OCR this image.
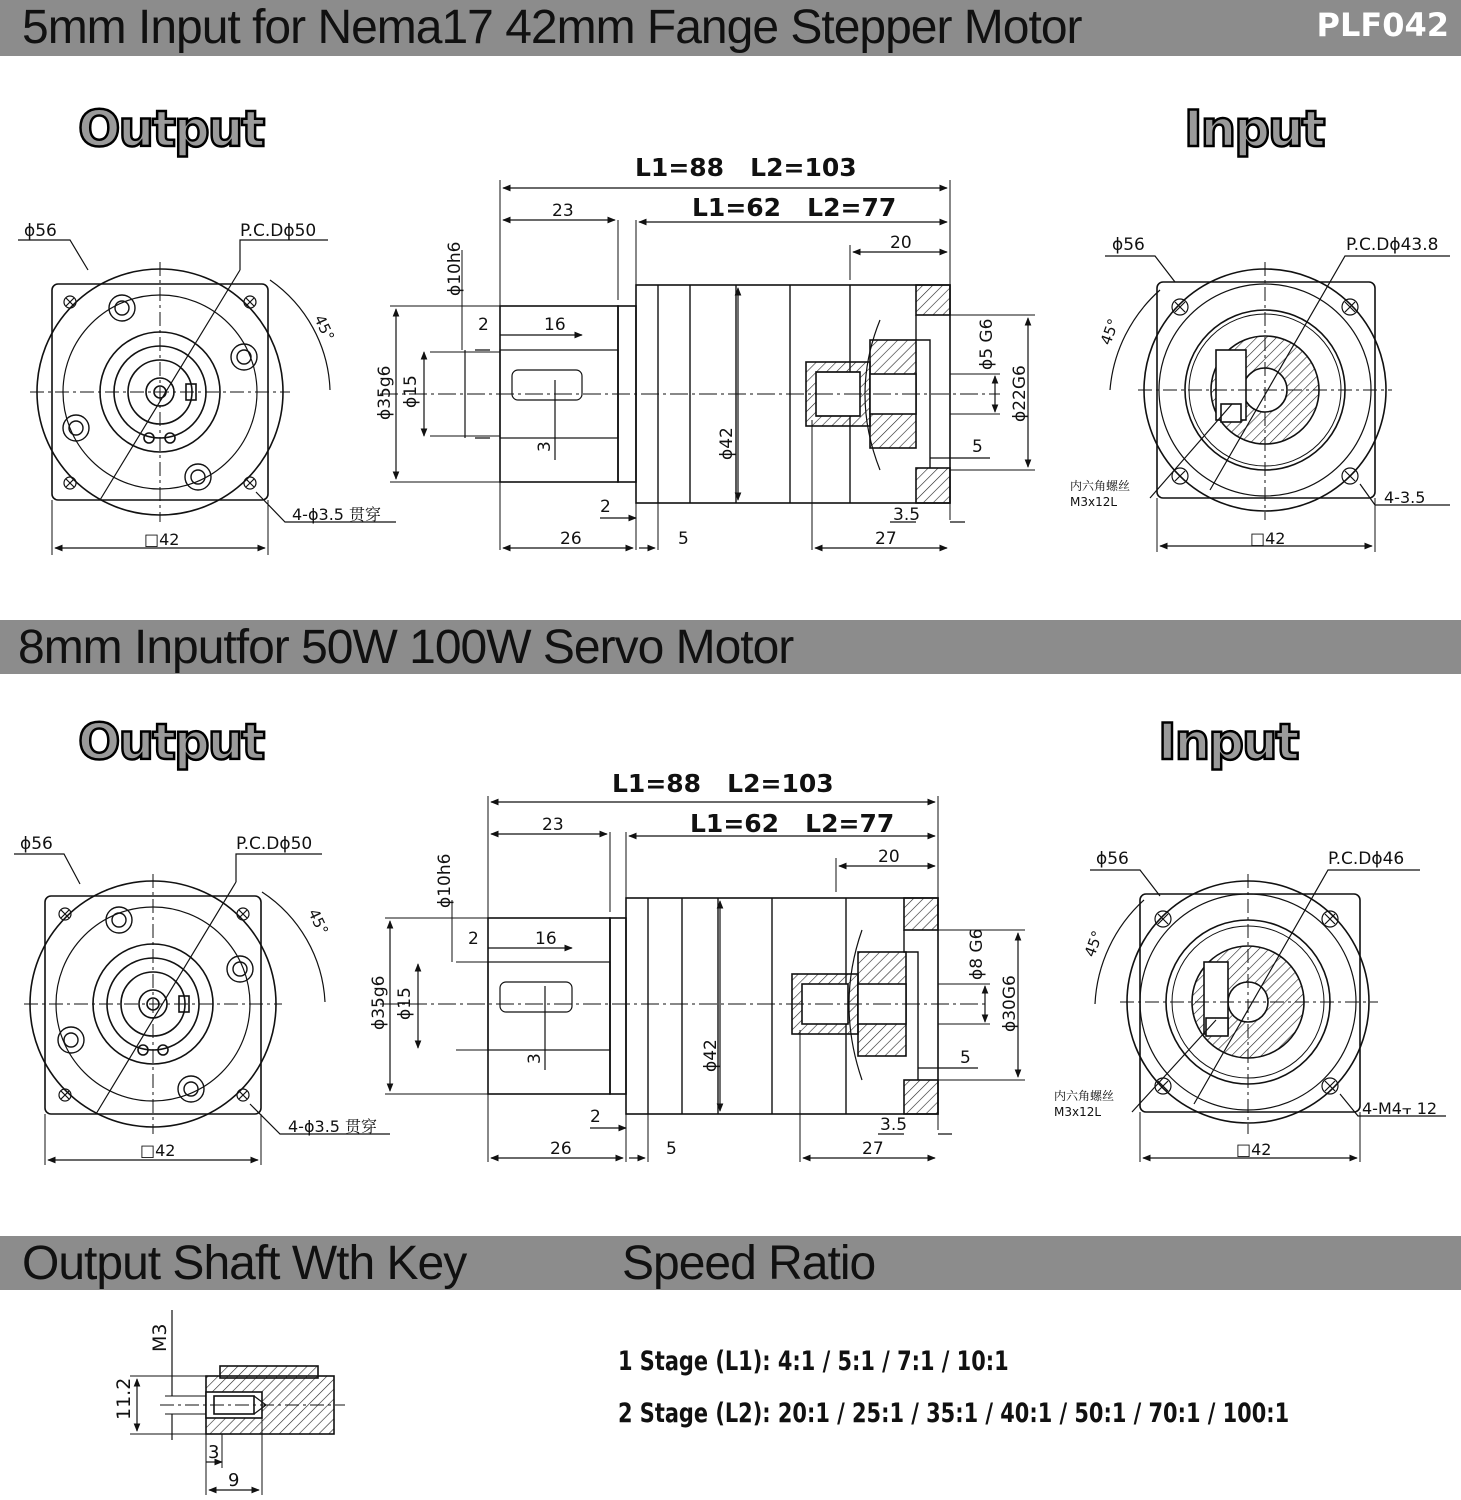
5mm Input for Nema17 42mm Fange Stepper Motor	PLF042
8mm Inputfor 50W 100W Servo Motor
Output Shaft Wth Key	Speed Ratio
Output	Input
Output	Input
ϕ56	P.C.Dϕ50
45°
4-ϕ3.5 贯穿
□42
L1=88   L2=103
L1=62   L2=77
23
20
2	16
ϕ10h6
ϕ35g6 ϕ15
3	ϕ42
ϕ5 G6
ϕ22G6
5
2	3.5
26	5	27
ϕ56	P.C.Dϕ43.8
45°
内六角螺丝
M3x12L	4-3.5
□42
ϕ56	P.C.Dϕ50
45°
4-ϕ3.5 贯穿
□42
L1=88   L2=103
L1=62   L2=77
23
20
2	16
ϕ10h6
ϕ35g6 ϕ15
3	ϕ42
ϕ8 G6
ϕ30G6
5
2	3.5
26	5	27
ϕ56	P.C.Dϕ46
45°
内六角螺丝
M3x12L	4-M4⫟ 12
□42
M3
11.2
3
9
1 Stage (L1): 4:1 / 5:1 / 7:1 / 10:1
2 Stage (L2): 20:1 / 25:1 / 35:1 / 40:1 / 50:1 / 70:1 / 100:1
